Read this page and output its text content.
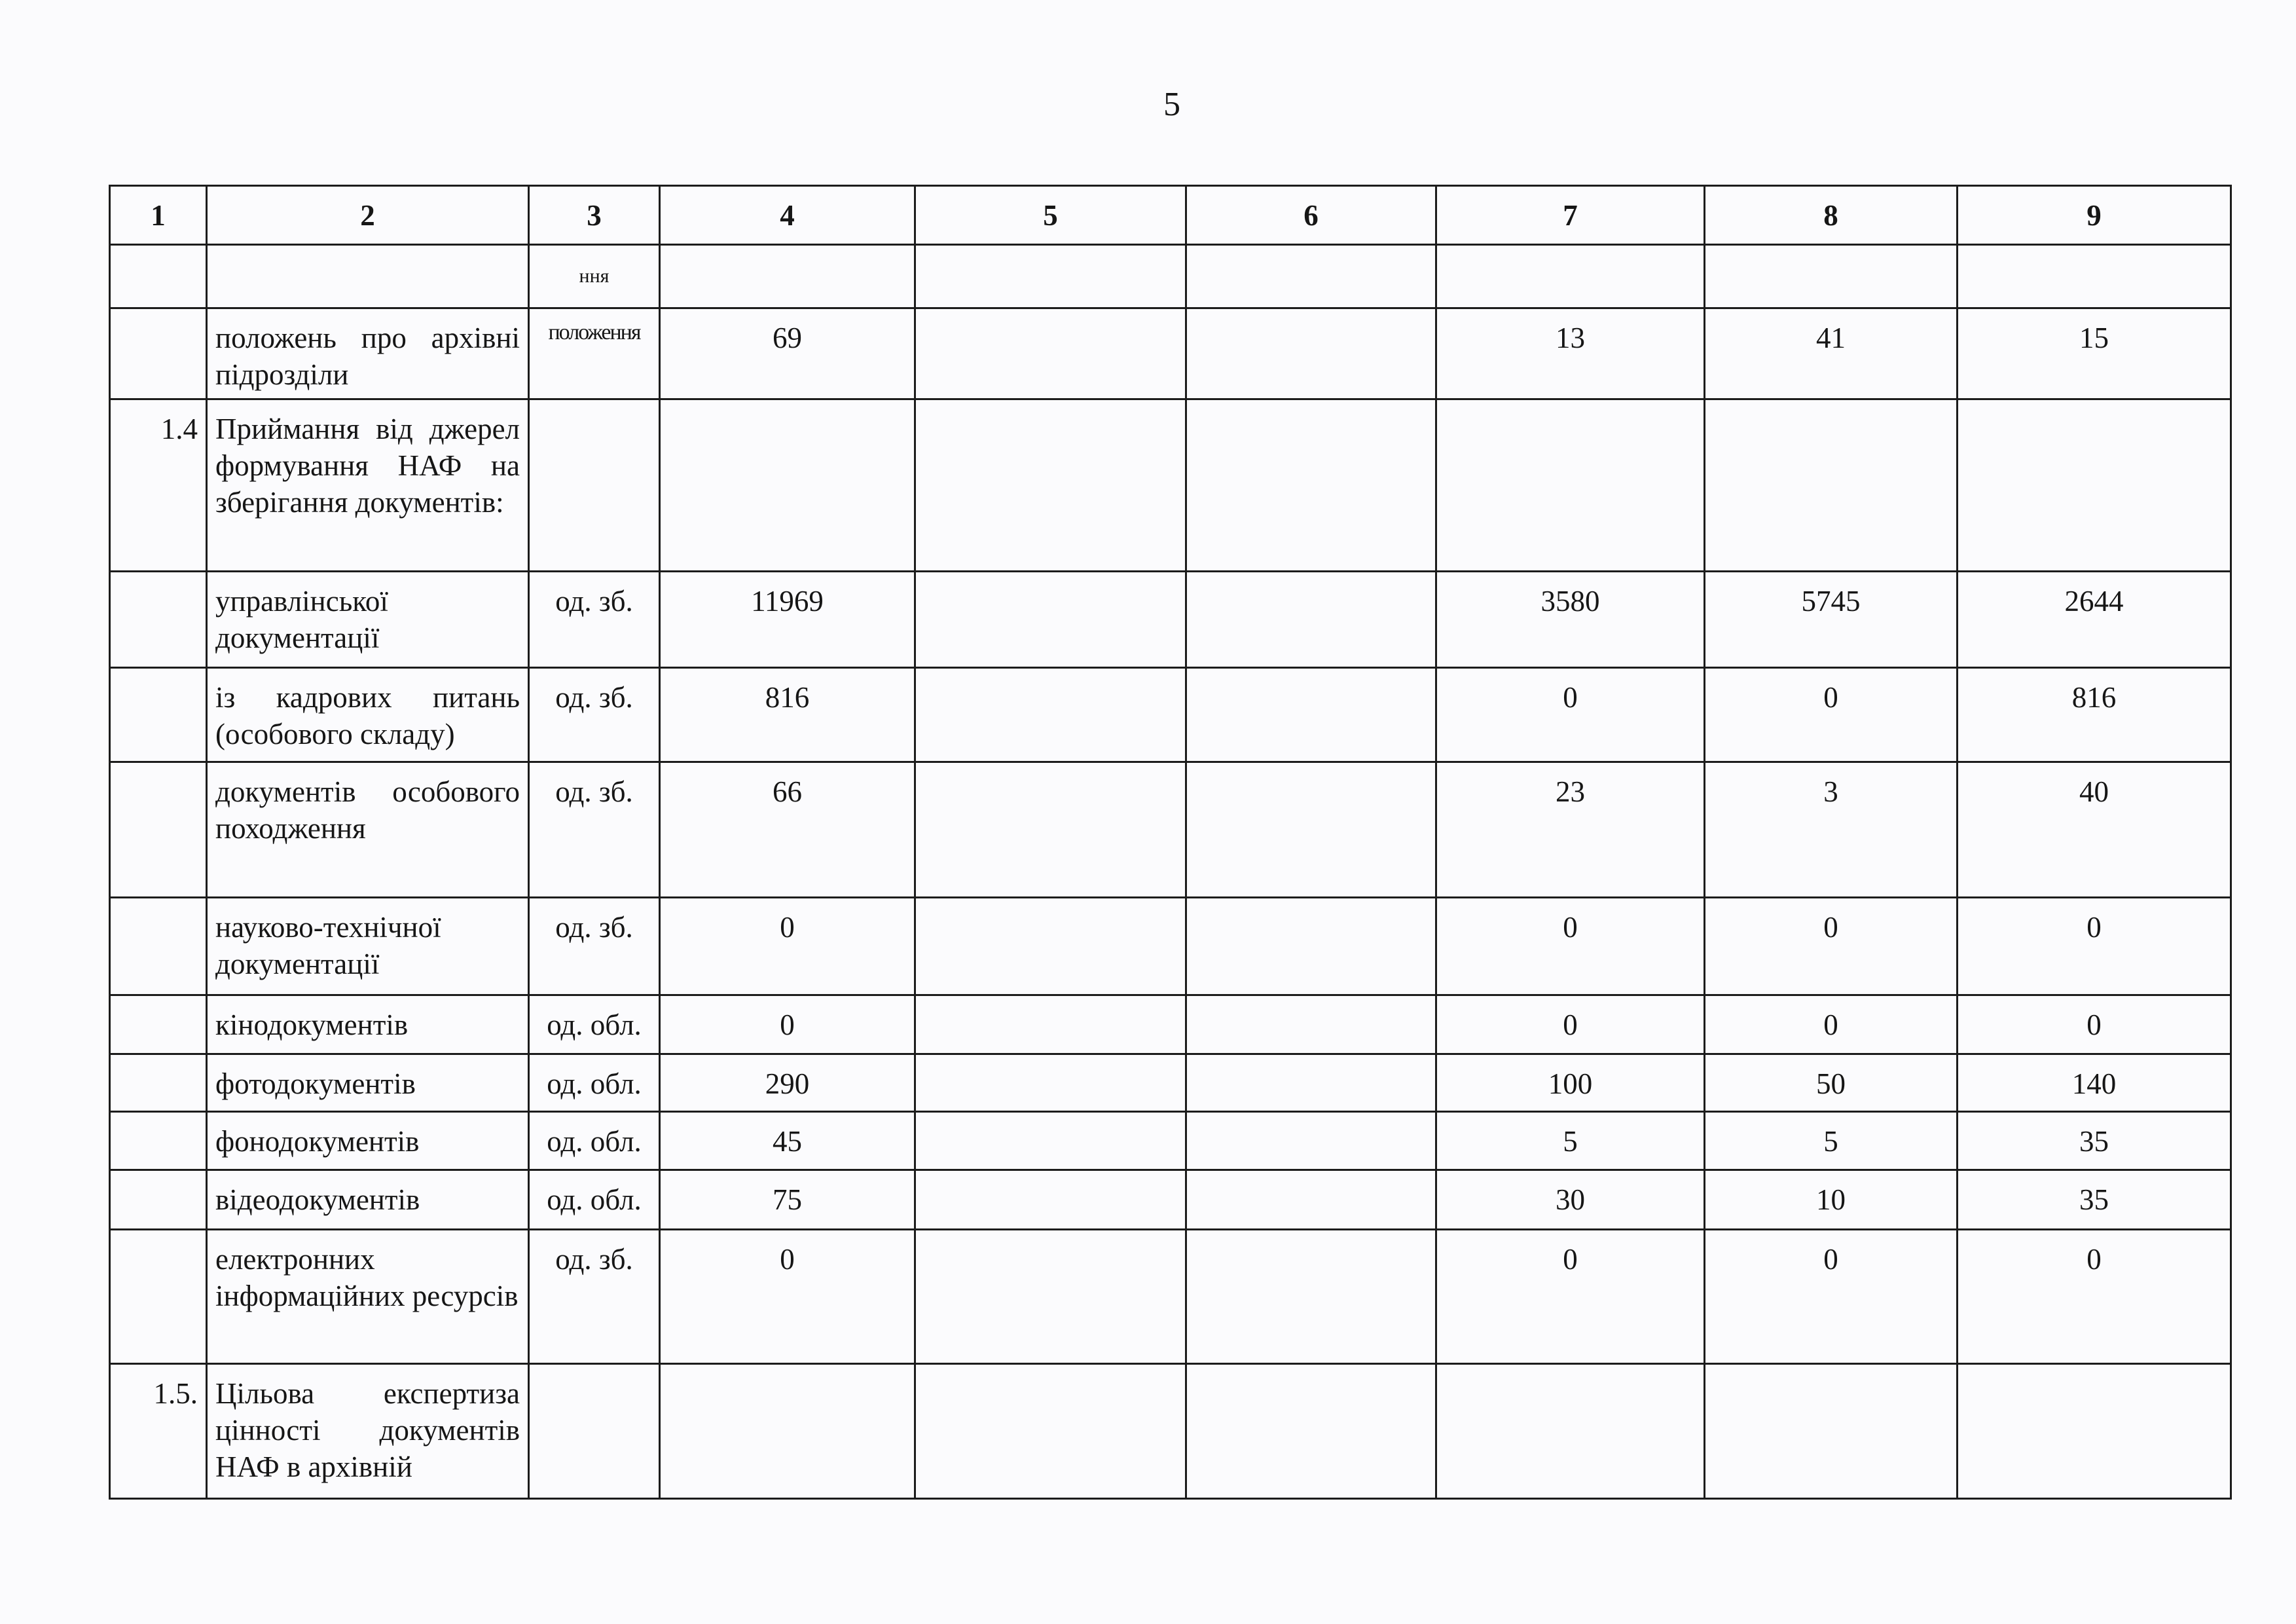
5
1	2	3	4	5	6	7	8	9
		ння						
	положень про архівні підрозділи	положення	69			13	41	15
1.4	Приймання від джерел формування НАФ на зберігання документів:							
	управлінської документації	од. зб.	11969			3580	5745	2644
	із кадрових питань (особового складу)	од. зб.	816			0	0	816
	документів особового походження	од. зб.	66			23	3	40
	науково-технічної документації	од. зб.	0			0	0	0
	кінодокументів	од. обл.	0			0	0	0
	фотодокументів	од. обл.	290			100	50	140
	фонодокументів	од. обл.	45			5	5	35
	відеодокументів	од. обл.	75			30	10	35
	електронних інформаційних ресурсів	од. зб.	0			0	0	0
1.5.	Цільова експертиза цінності документів НАФ в архівній							
